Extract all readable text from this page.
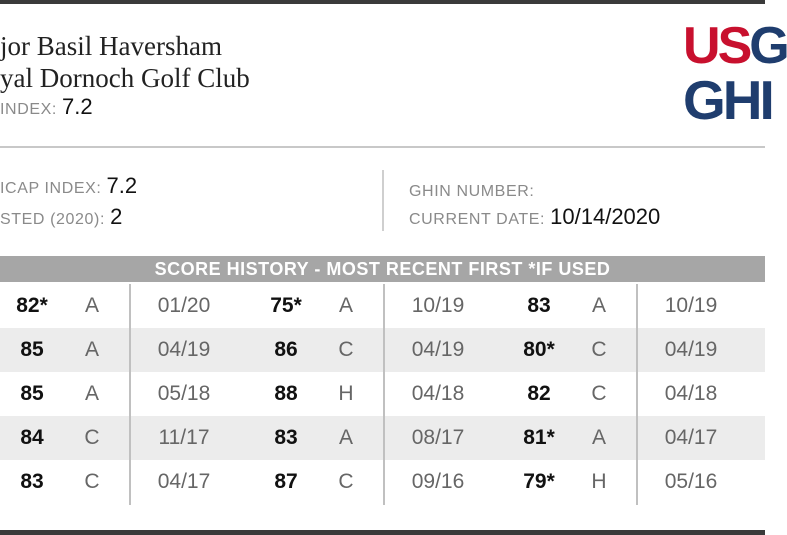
jor Basil Haversham
yal Dornoch Golf Club
INDEX: 7.2
USG
GHI
ICAP INDEX: 7.2
STED (2020): 2
GHIN NUMBER:
CURRENT DATE: 10/14/2020
SCORE HISTORY - MOST RECENT FIRST *IF USED
82*	A	01/20	75*	A	10/19	83	A	10/19
85	A	04/19	86	C	04/19	80*	C	04/19
85	A	05/18	88	H	04/18	82	C	04/18
84	C	11/17	83	A	08/17	81*	A	04/17
83	C	04/17	87	C	09/16	79*	H	05/16
